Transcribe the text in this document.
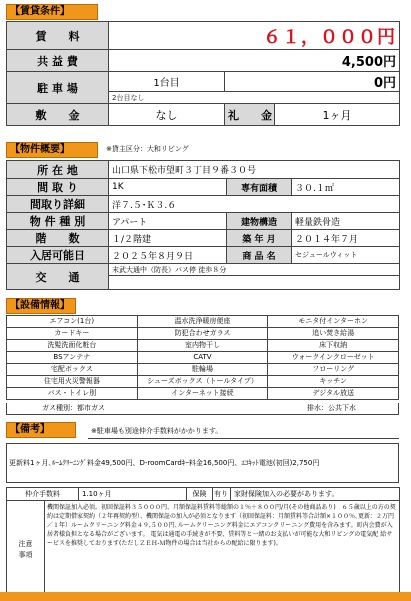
【賃貸条件】
賃　　料	６１，０００円		
共 益 費	4,500円		
駐 車 場	1台目	0円	
	2台目なし		
敷　　金	なし	礼　　金	1ヶ月
【物件概要】	※貸主区分：大和リビング
所 在 地	山口県下松市望町３丁目９番３０号		
間 取 り	1K	専有面積	３０.１㎡
間取り詳細	洋７.５･Ｋ３.６		
物 件 種 別	アパート	建物構造	軽量鉄骨造
階　　数	１/２階建	築 年 月	２０１４年７月
入居可能日	２０２５年８月９日	商 品 名	セジュールウィット
交　　通	末武大通中（防長）バス停 徒歩８分		

【設備情報】
エアコン(1台)	温水洗浄暖房便座	モニタ付インターホン
カードキー	防犯合わせガラス	追い焚き給湯
洗髪洗面化粧台	室内物干し	床下収納
BSアンテナ	CATV	ウォークインクローゼット
宅配ボックス	駐輪場	フローリング
住宅用火災警報器	シューズボックス（トールタイプ）	キッチン
バス・トイレ別	インターネット接続	デジタル放送
ガス種別：都市ガス	排水：公共下水
【備考】	※駐車場も別途仲介手数料がかかります。
更新料1ヶ月､ﾙｰﾑｸﾘｰﾆﾝｸﾞ料金49,500円、D-roomCardｷｰ料金16,500円、ｴｺｷｯﾄ電池(初回)2,750円
仲介手数料		1.10ヶ月	保険	有り	家財保険加入の必要があります。
注意事項	機関保証加入必須。初回保証料３５０００円、月額保証料賃料等総額の１％＋８００円/月(その他商品あり)　６５歳以上の方の契約は定期借家契約（２年再契約型）、機関保証の加入が必須となります（初回保証料：月額賃料等合計額×１００％､更新：２万円／１年）ルームクリーニング料金４９,５００円､ルームクリーニング料金にエアコンクリーニング費用を含みます。町内会費が入居者様負担となる場合がございます。 電気は通電の手続きが不要、賃料等と一緒のお支払いが可能な大和リビングの電気配 給サービスを推奨しております(ただしＺＥＨ-Ｍ物件の場合は当社からの配給に限ります)。				
